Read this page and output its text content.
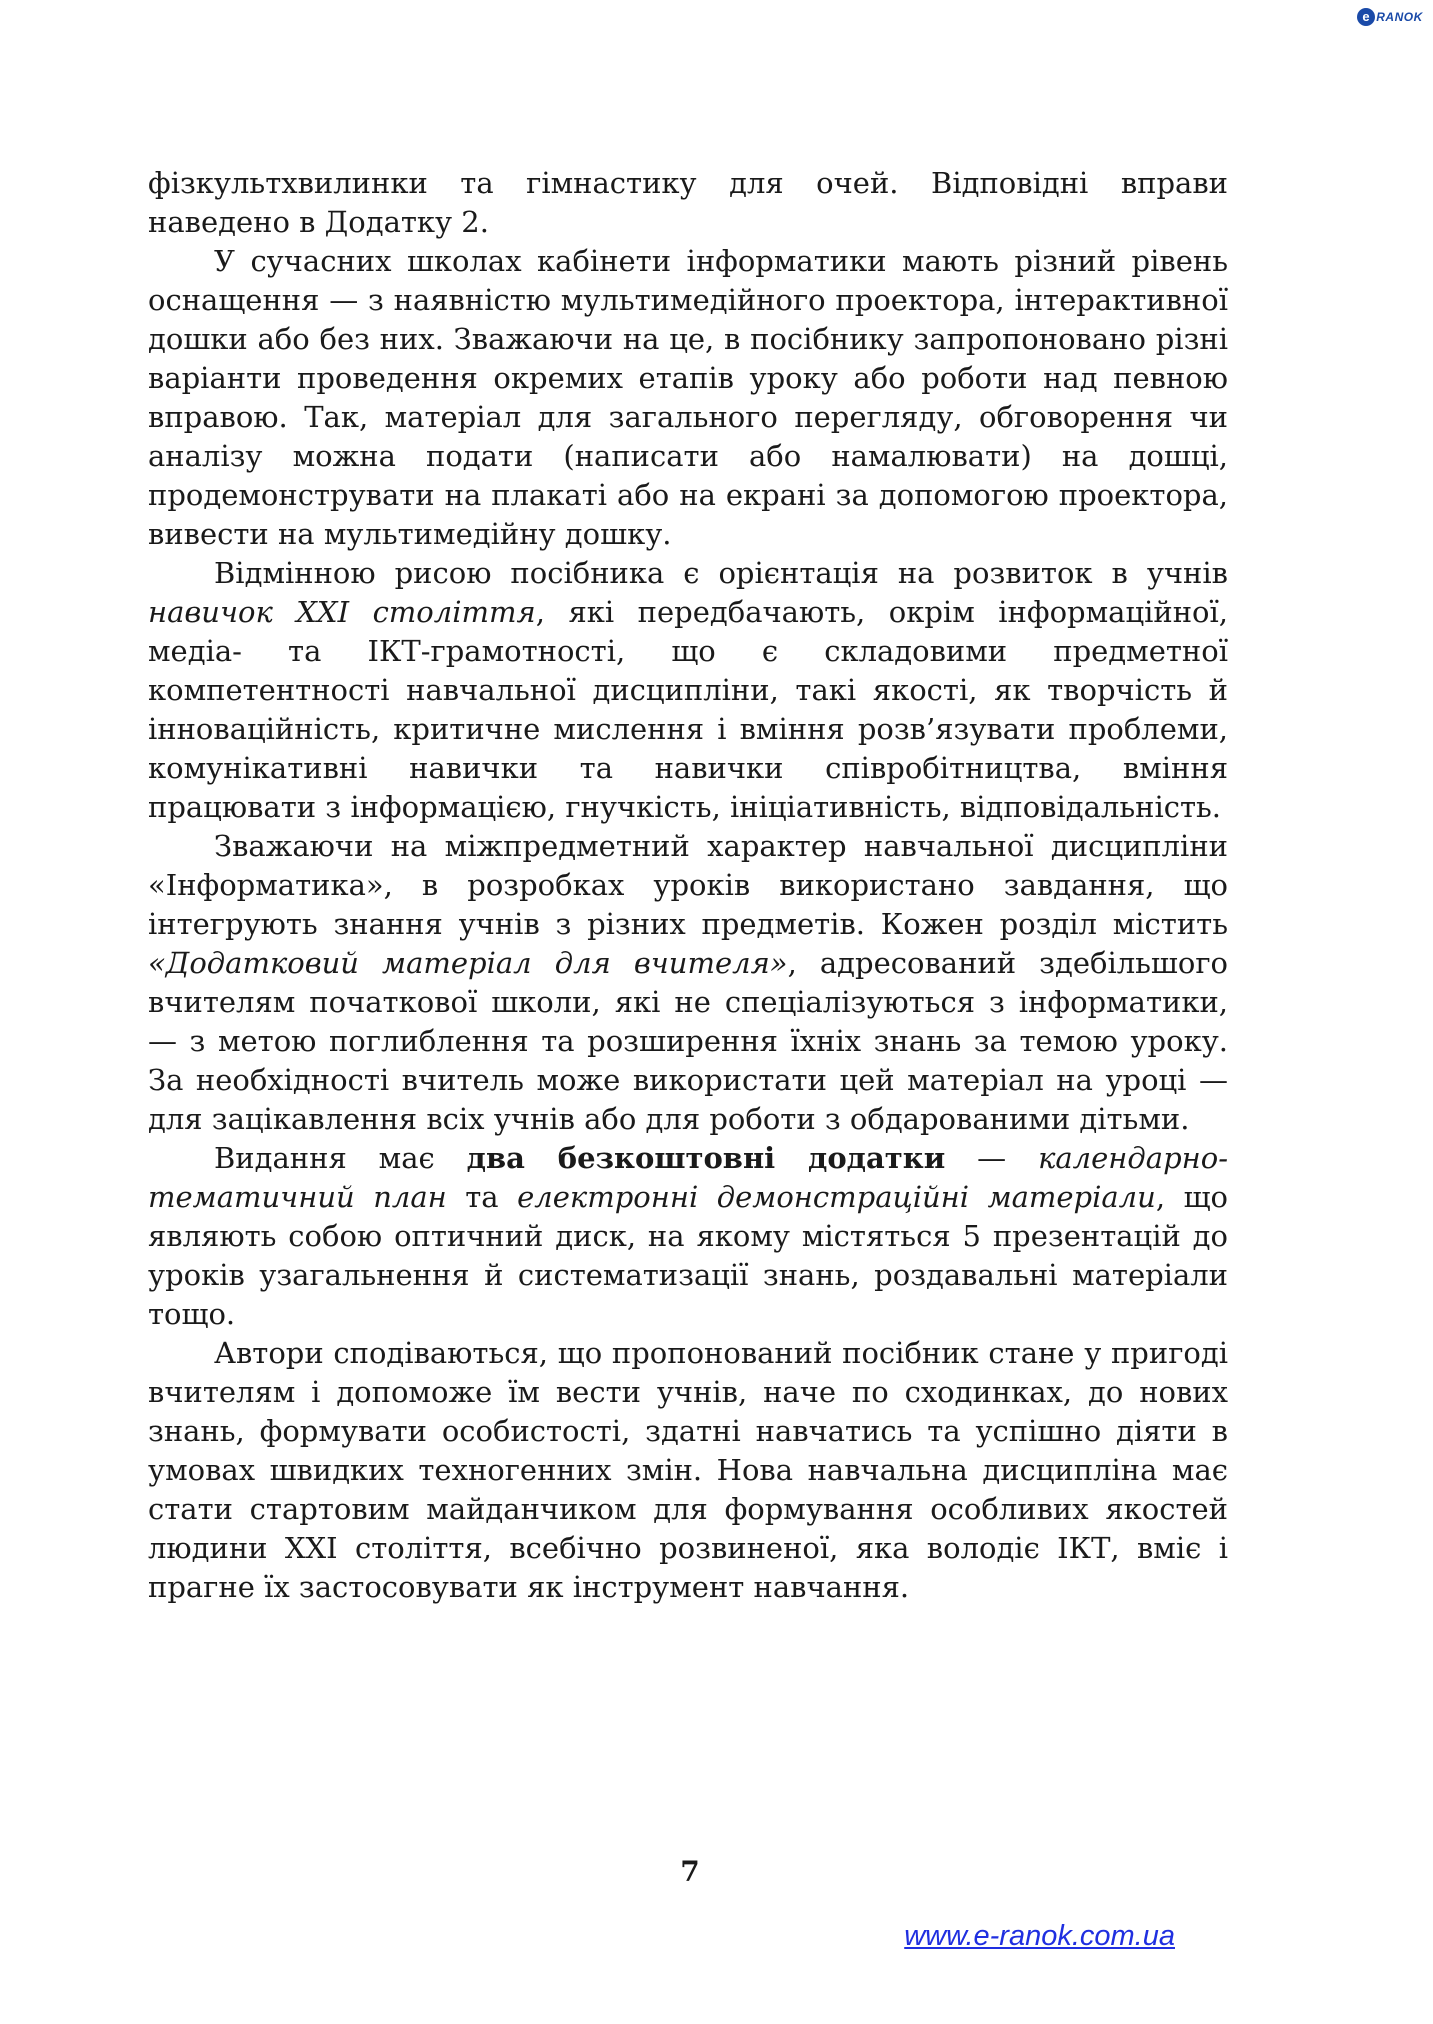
e RANOK

фізкультхвилинки та гімнастику для очей. Відповідні вправи наведено в Додатку 2.

У сучасних школах кабінети інформатики мають різний рівень оснащення — з наявністю мультимедійного проектора, інтерактивної дошки або без них. Зважаючи на це, в посібнику запропоновано різні варіанти проведення окремих етапів уроку або роботи над певною вправою. Так, матеріал для загального перегляду, обговорення чи аналізу можна подати (написати або намалювати) на дошці, продемонструвати на плакаті або на екрані за допомогою проектора, вивести на мультимедійну дошку.

Відмінною рисою посібника є орієнтація на розвиток в учнів навичок XXI століття, які передбачають, окрім інформаційної, медіа- та ІКТ-грамотності, що є складовими предметної компетентності навчальної дисципліни, такі якості, як творчість й інноваційність, критичне мислення і вміння розв’язувати проблеми, комунікативні навички та навички співробітництва, вміння працювати з інформацією, гнучкість, ініціативність, відповідальність.

Зважаючи на міжпредметний характер навчальної дисципліни «Інформатика», в розробках уроків використано завдання, що інтегрують знання учнів з різних предметів. Кожен розділ містить «Додатковий матеріал для вчителя», адресований здебільшого вчителям початкової школи, які не спеціалізуються з інформатики, — з метою поглиблення та розширення їхніх знань за темою уроку. За необхідності вчитель може використати цей матеріал на уроці — для зацікавлення всіх учнів або для роботи з обдарованими дітьми.

Видання має два безкоштовні додатки — календарно-тематичний план та електронні демонстраційні матеріали, що являють собою оптичний диск, на якому містяться 5 презентацій до уроків узагальнення й систематизації знань, роздавальні матеріали тощо.

Автори сподіваються, що пропонований посібник стане у пригоді вчителям і допоможе їм вести учнів, наче по сходинках, до нових знань, формувати особистості, здатні навчатись та успішно діяти в умовах швидких техногенних змін. Нова навчальна дисципліна має стати стартовим майданчиком для формування особливих якостей людини XXI століття, всебічно розвиненої, яка володіє ІКТ, вміє і прагне їх застосовувати як інструмент навчання.

7
www.e-ranok.com.ua
